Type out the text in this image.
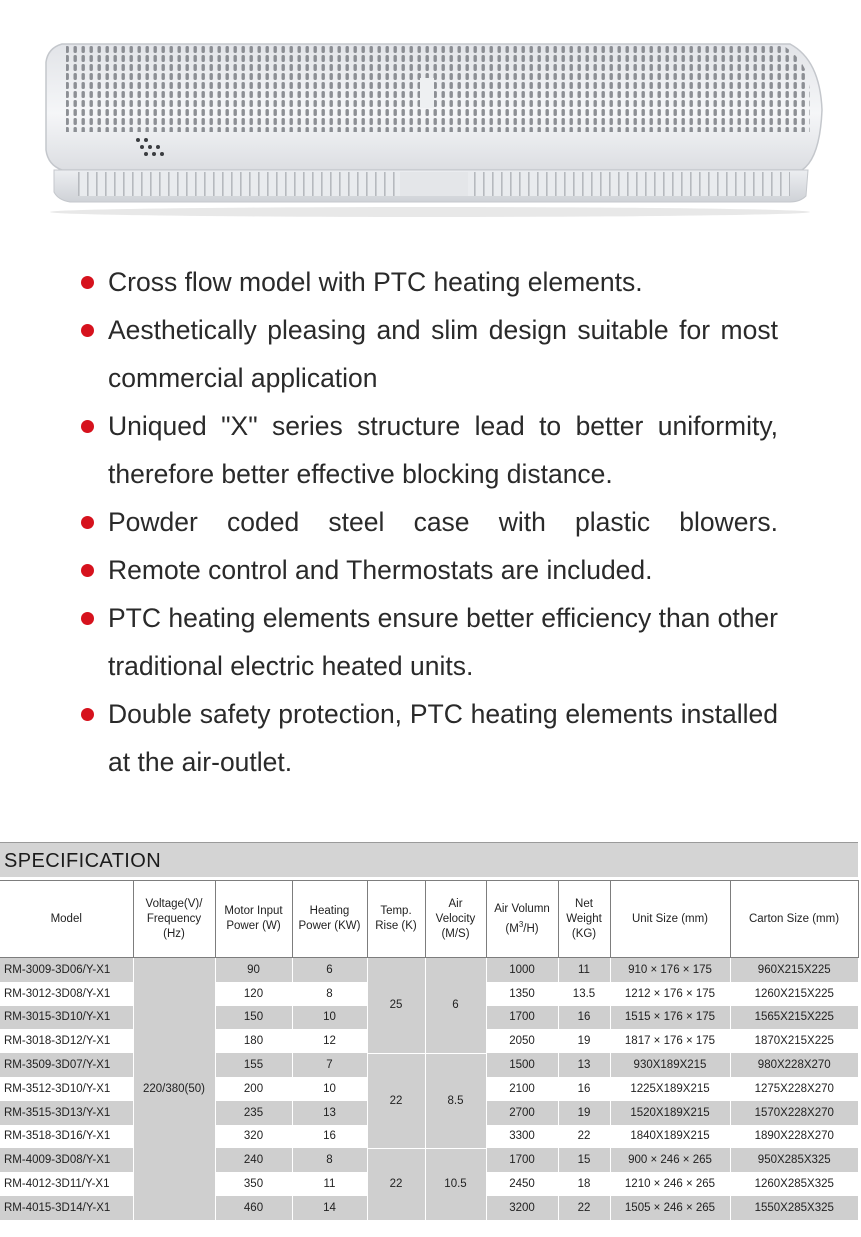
Cross flow model with PTC heating elements.
Aesthetically pleasing and slim design suitable for most commercial application
Uniqued "X" series structure lead to better uniformity, therefore better effective blocking distance.
Powder coded steel case with plastic blowers.
Remote control and Thermostats are included.
PTC heating elements ensure better efficiency than other traditional electric heated units.
Double safety protection, PTC heating elements installed at the air-outlet.
SPECIFICATION
Model	Voltage(V)/ Frequency (Hz)	Motor Input Power (W)	Heating Power (KW)	Temp. Rise (K)	Air Velocity (M/S)	Air Volumn $(M^3/H)$	Net Weight (KG)	Unit Size (mm)	Carton Size (mm)
RM-3009-3D06/Y-X1	220/380(50)	90	6	25	6	1000	11	910 × 176 × 175	960X215X225
RM-3012-3D08/Y-X1		120	8			1350	13.5	1212 × 176 × 175	1260X215X225
RM-3015-3D10/Y-X1		150	10			1700	16	1515 × 176 × 175	1565X215X225
RM-3018-3D12/Y-X1		180	12			2050	19	1817 × 176 × 175	1870X215X225
RM-3509-3D07/Y-X1		155	7	22	8.5	1500	13	930X189X215	980X228X270
RM-3512-3D10/Y-X1		200	10			2100	16	1225X189X215	1275X228X270
RM-3515-3D13/Y-X1		235	13			2700	19	1520X189X215	1570X228X270
RM-3518-3D16/Y-X1		320	16			3300	22	1840X189X215	1890X228X270
RM-4009-3D08/Y-X1		240	8	22	10.5	1700	15	900 × 246 × 265	950X285X325
RM-4012-3D11/Y-X1		350	11			2450	18	1210 × 246 × 265	1260X285X325
RM-4015-3D14/Y-X1		460	14			3200	22	1505 × 246 × 265	1550X285X325
